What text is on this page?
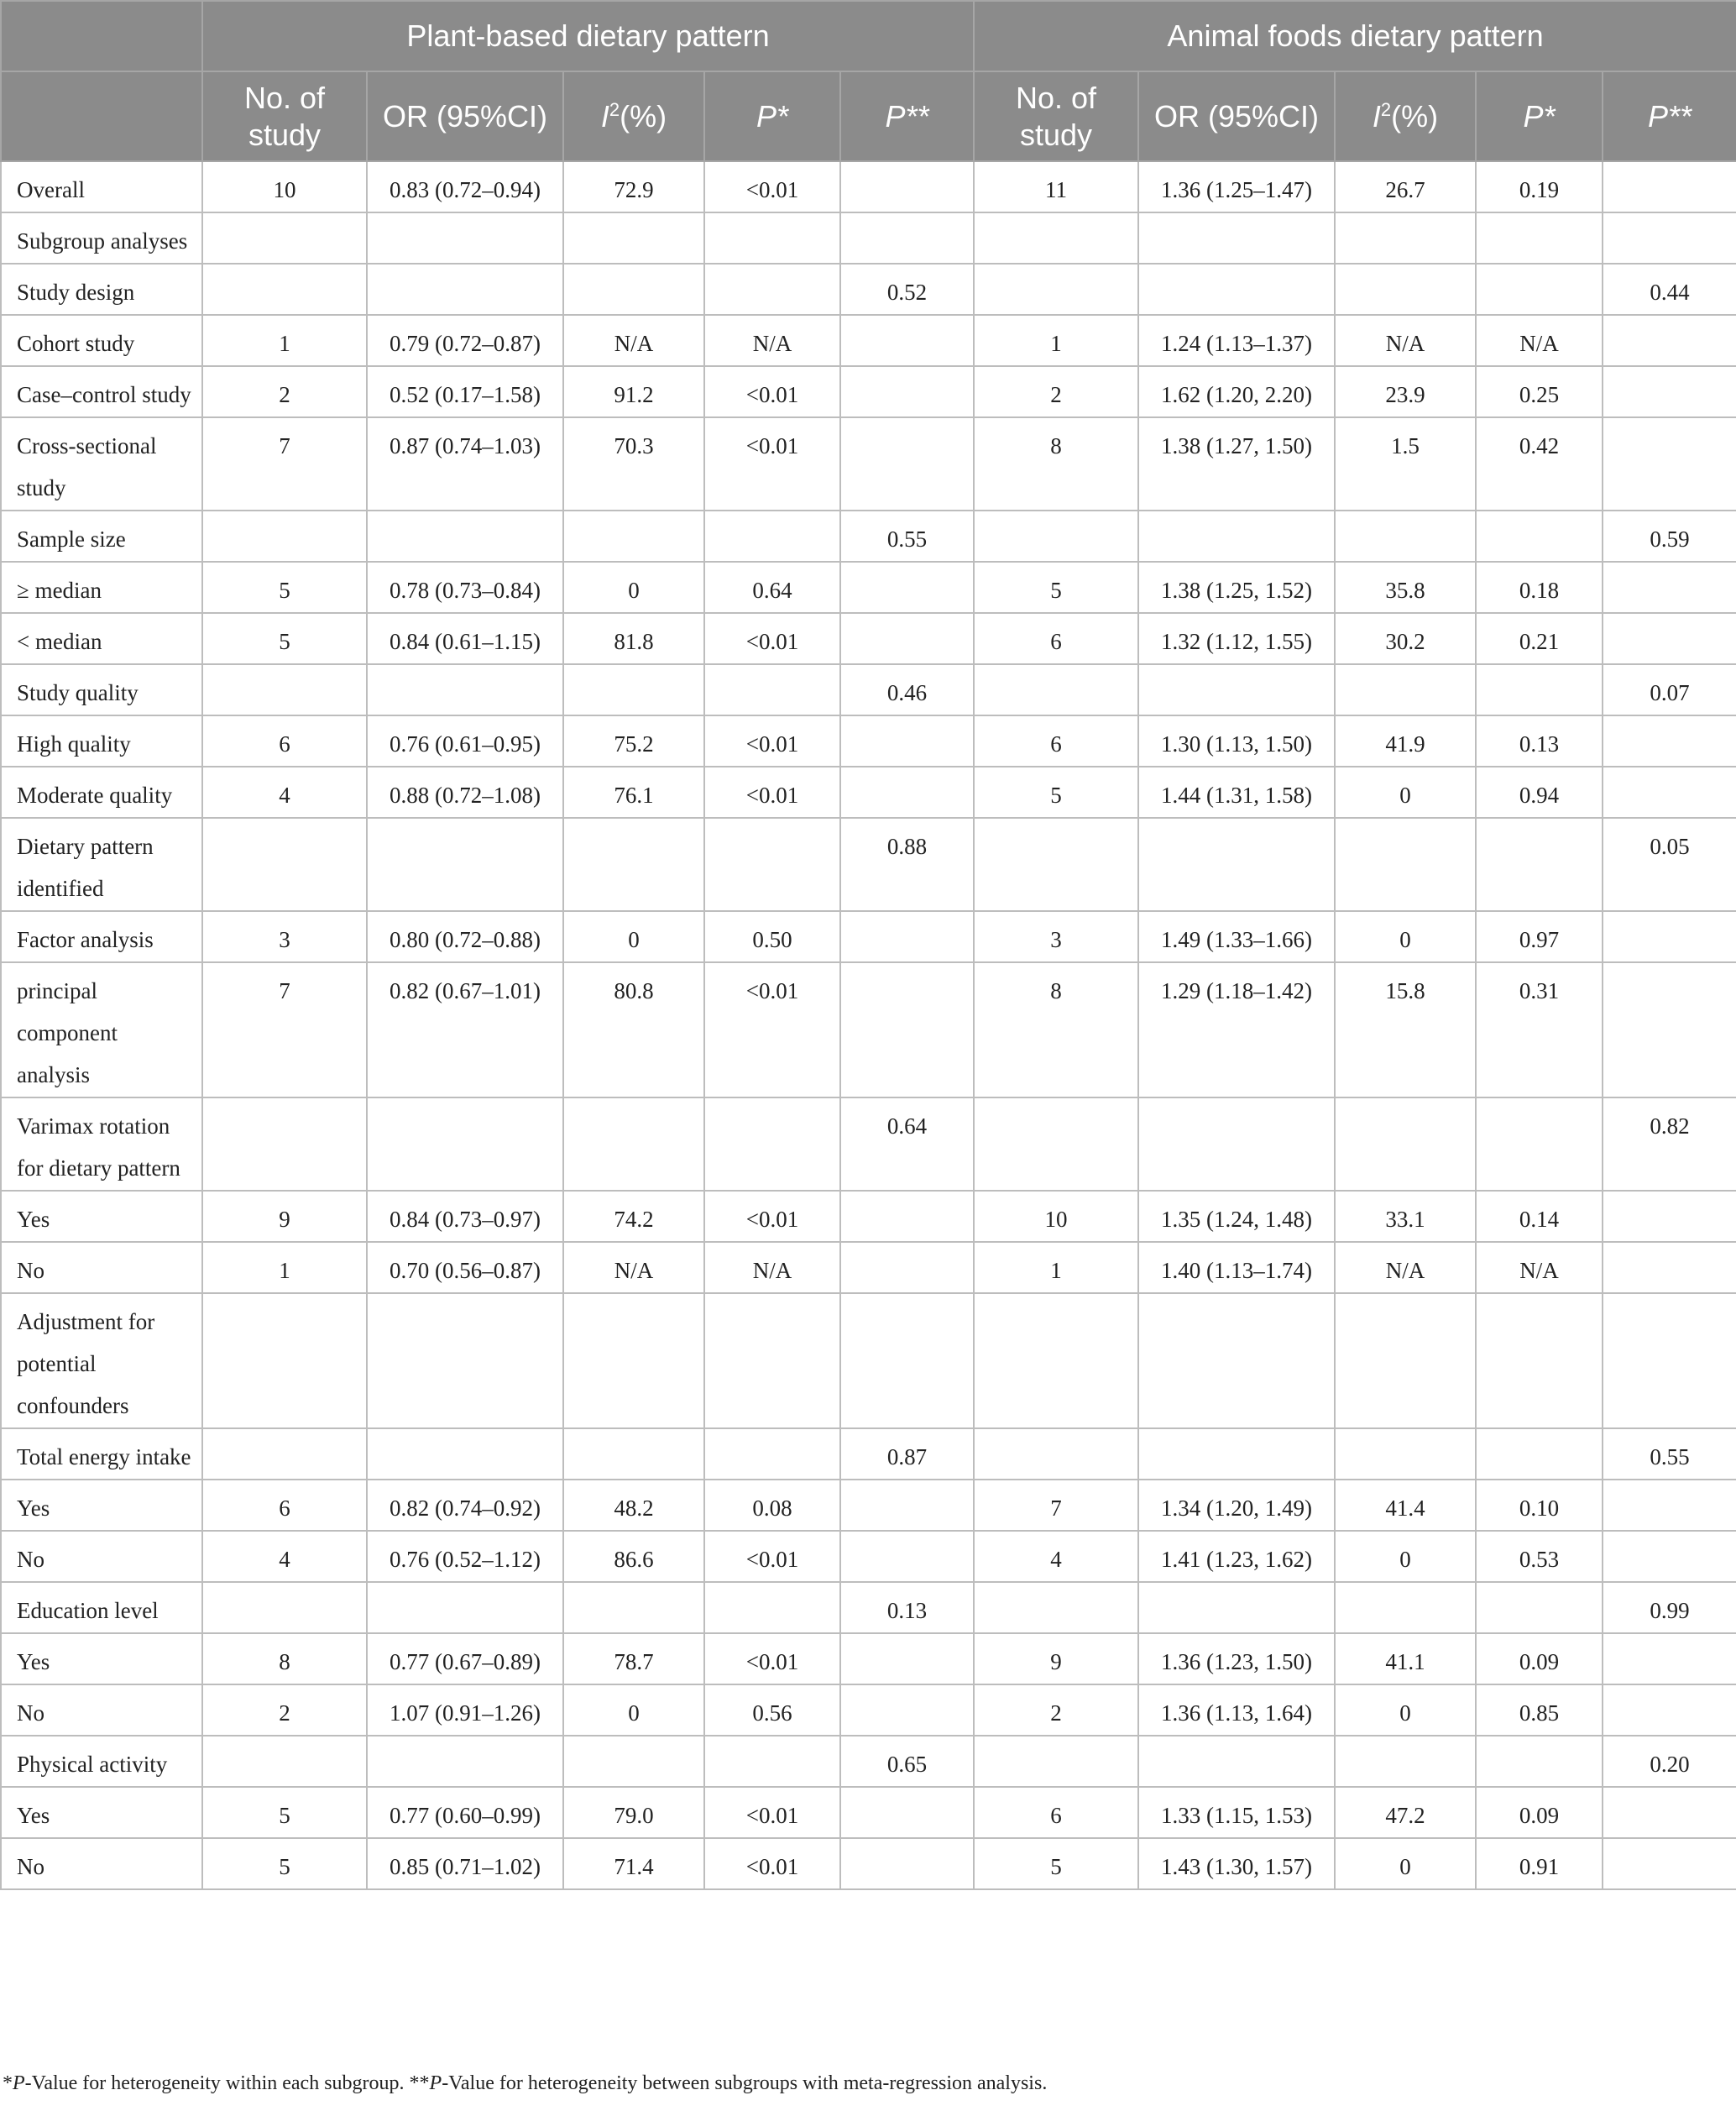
	Plant-based dietary pattern					Animal foods dietary pattern				
	No. of study	OR (95%CI)	$I^2(\%)$	P*	P**	No. of study	OR (95%CI)	$I^2(\%)$	P*	P**
Overall	10	0.83 (0.72–0.94)	72.9	<0.01		11	1.36 (1.25–1.47)	26.7	0.19	
Subgroup analyses										
Study design					0.52					0.44
Cohort study	1	0.79 (0.72–0.87)	N/A	N/A		1	1.24 (1.13–1.37)	N/A	N/A	
Case–control study	2	0.52 (0.17–1.58)	91.2	<0.01		2	1.62 (1.20, 2.20)	23.9	0.25	
Cross-sectional study	7	0.87 (0.74–1.03)	70.3	<0.01		8	1.38 (1.27, 1.50)	1.5	0.42	
Sample size					0.55					0.59
≥ median	5	0.78 (0.73–0.84)	0	0.64		5	1.38 (1.25, 1.52)	35.8	0.18	
< median	5	0.84 (0.61–1.15)	81.8	<0.01		6	1.32 (1.12, 1.55)	30.2	0.21	
Study quality					0.46					0.07
High quality	6	0.76 (0.61–0.95)	75.2	<0.01		6	1.30 (1.13, 1.50)	41.9	0.13	
Moderate quality	4	0.88 (0.72–1.08)	76.1	<0.01		5	1.44 (1.31, 1.58)	0	0.94	
Dietary pattern identified					0.88					0.05
Factor analysis	3	0.80 (0.72–0.88)	0	0.50		3	1.49 (1.33–1.66)	0	0.97	
principal component analysis	7	0.82 (0.67–1.01)	80.8	<0.01		8	1.29 (1.18–1.42)	15.8	0.31	
Varimax rotation for dietary pattern					0.64					0.82
Yes	9	0.84 (0.73–0.97)	74.2	<0.01		10	1.35 (1.24, 1.48)	33.1	0.14	
No	1	0.70 (0.56–0.87)	N/A	N/A		1	1.40 (1.13–1.74)	N/A	N/A	
Adjustment for potential confounders										
Total energy intake					0.87					0.55
Yes	6	0.82 (0.74–0.92)	48.2	0.08		7	1.34 (1.20, 1.49)	41.4	0.10	
No	4	0.76 (0.52–1.12)	86.6	<0.01		4	1.41 (1.23, 1.62)	0	0.53	
Education level					0.13					0.99
Yes	8	0.77 (0.67–0.89)	78.7	<0.01		9	1.36 (1.23, 1.50)	41.1	0.09	
No	2	1.07 (0.91–1.26)	0	0.56		2	1.36 (1.13, 1.64)	0	0.85	
Physical activity					0.65					0.20
Yes	5	0.77 (0.60–0.99)	79.0	<0.01		6	1.33 (1.15, 1.53)	47.2	0.09	
No	5	0.85 (0.71–1.02)	71.4	<0.01		5	1.43 (1.30, 1.57)	0	0.91	
*P-Value for heterogeneity within each subgroup. **P-Value for heterogeneity between subgroups with meta-regression analysis.
